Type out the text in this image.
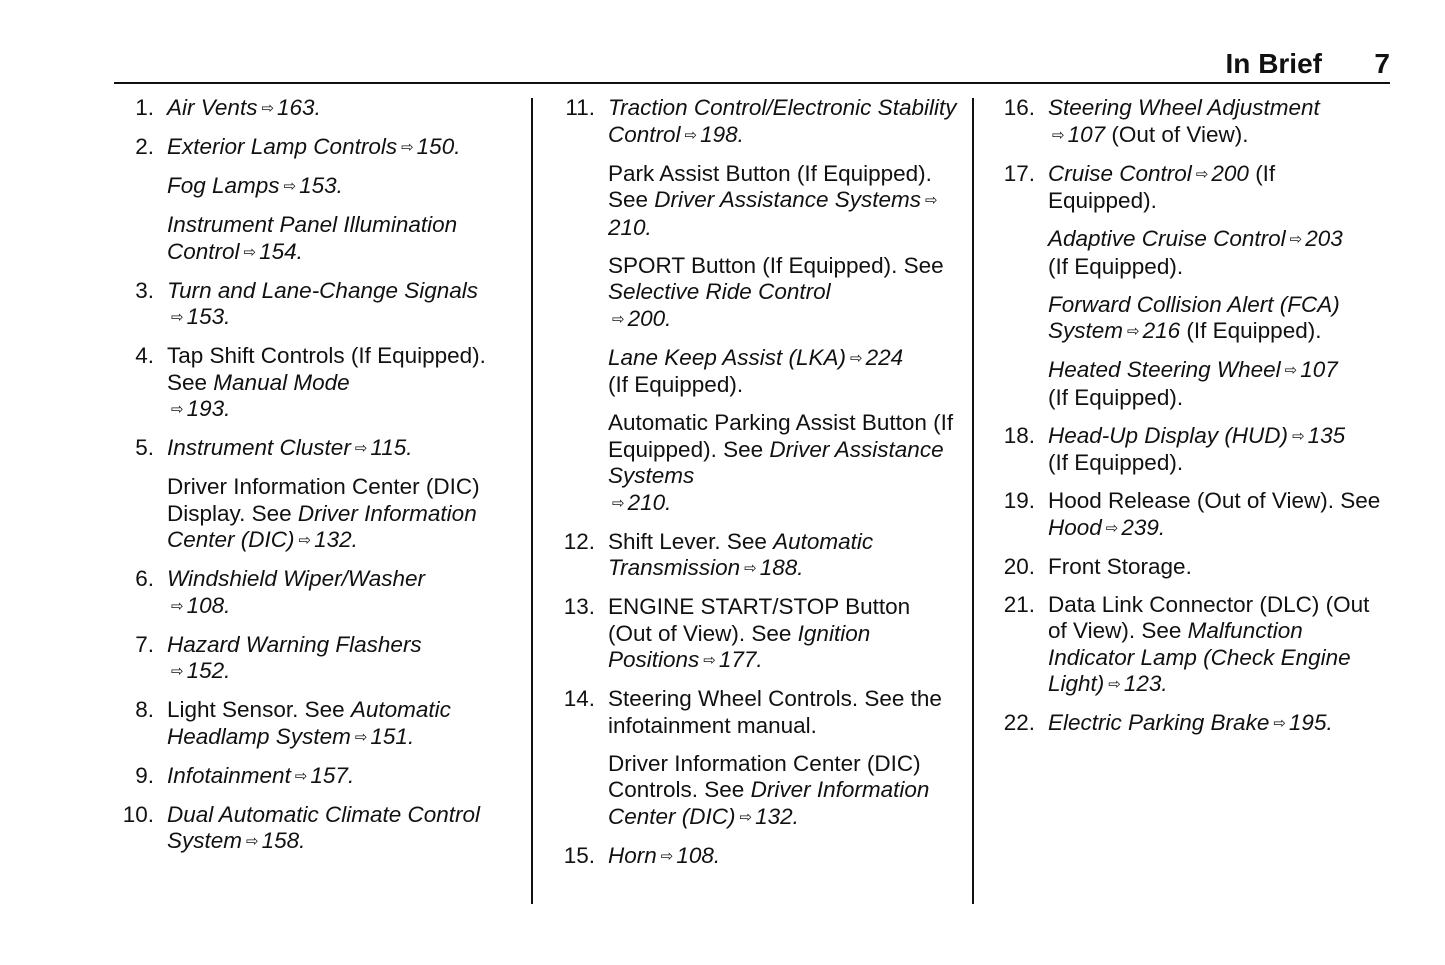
In Brief 7
1. Air Vents ⇨ 163.
2. Exterior Lamp Controls ⇨ 150.
Fog Lamps ⇨ 153.
Instrument Panel Illumination Control ⇨ 154.
3. Turn and Lane-Change Signals
⇨ 153.
4. Tap Shift Controls (If Equipped). See Manual Mode
⇨ 193.
5. Instrument Cluster ⇨ 115.
Driver Information Center (DIC) Display. See Driver Information Center (DIC) ⇨ 132.
6. Windshield Wiper/Washer
⇨ 108.
7. Hazard Warning Flashers
⇨ 152.
8. Light Sensor. See Automatic Headlamp System ⇨ 151.
9. Infotainment ⇨ 157.
10. Dual Automatic Climate Control System ⇨ 158.
11. Traction Control/Electronic Stability Control ⇨ 198.
Park Assist Button (If Equipped). See Driver Assistance Systems ⇨210.
SPORT Button (If Equipped). See Selective Ride Control
⇨ 200.
Lane Keep Assist (LKA) ⇨ 224
(If Equipped).
Automatic Parking Assist Button (If Equipped). See Driver Assistance Systems
⇨ 210.
12. Shift Lever. See Automatic Transmission ⇨ 188.
13. ENGINE START/STOP Button (Out of View). See Ignition Positions ⇨ 177.
14. Steering Wheel Controls. See the infotainment manual.
Driver Information Center (DIC) Controls. See Driver Information Center (DIC) ⇨ 132.
15. Horn ⇨ 108.
16. Steering Wheel Adjustment
⇨ 107 (Out of View).
17. Cruise Control ⇨ 200 (If Equipped).
Adaptive Cruise Control ⇨ 203
(If Equipped).
Forward Collision Alert (FCA) System ⇨ 216 (If Equipped).
Heated Steering Wheel ⇨ 107
(If Equipped).
18. Head-Up Display (HUD) ⇨ 135
(If Equipped).
19. Hood Release (Out of View). See Hood ⇨ 239.
20. Front Storage.
21. Data Link Connector (DLC) (Out of View). See Malfunction Indicator Lamp (Check Engine Light) ⇨ 123.
22. Electric Parking Brake ⇨ 195.
